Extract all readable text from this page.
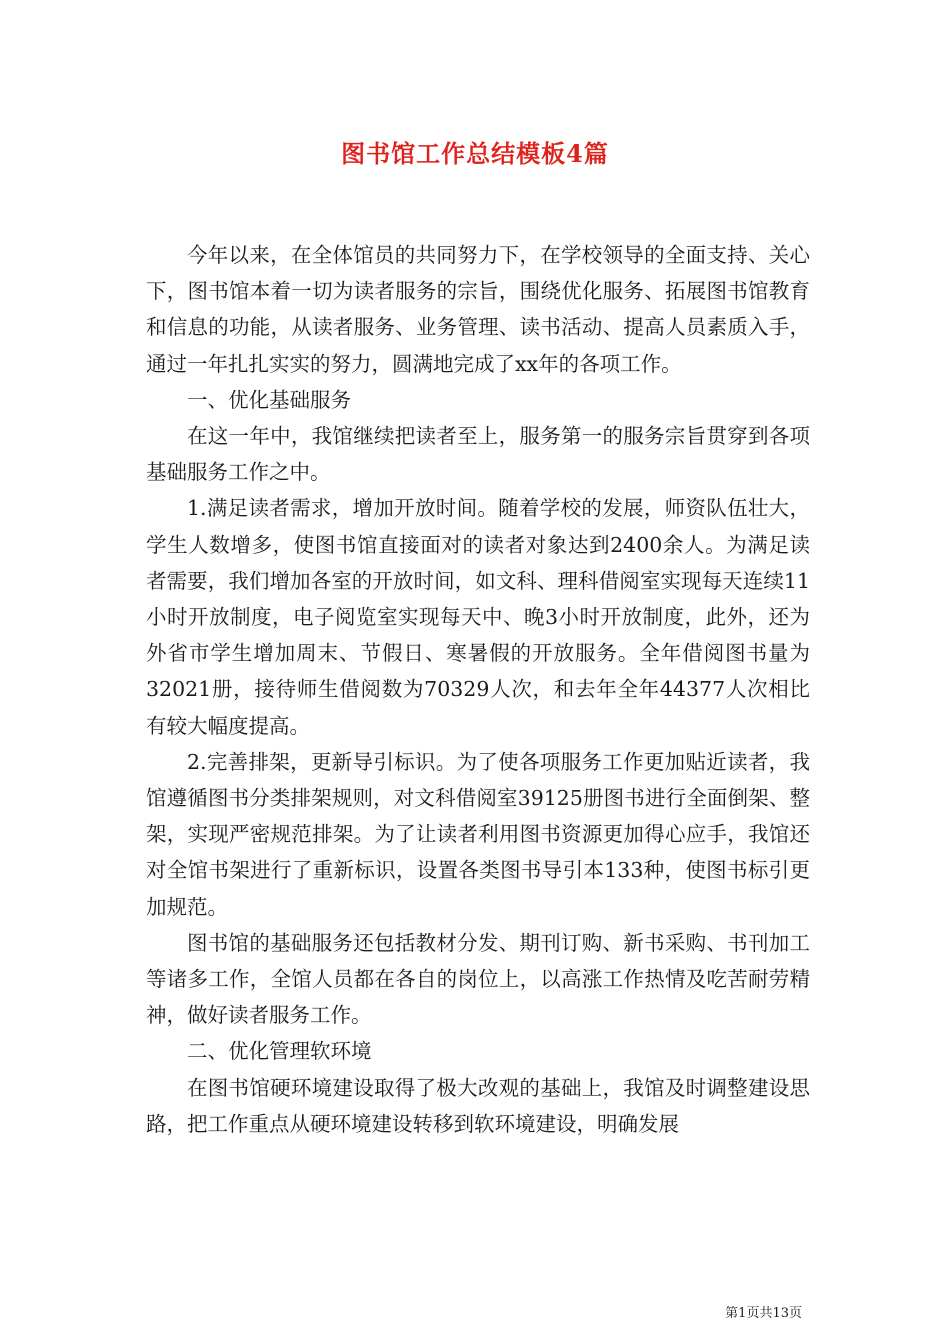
图书馆工作总结模板4篇

今年以来，在全体馆员的共同努力下，在学校领导的全面支持、关心下，图书馆本着一切为读者服务的宗旨，围绕优化服务、拓展图书馆教育和信息的功能，从读者服务、业务管理、读书活动、提高人员素质入手，通过一年扎扎实实的努力，圆满地完成了xx年的各项工作。

一、优化基础服务

在这一年中，我馆继续把读者至上，服务第一的服务宗旨贯穿到各项基础服务工作之中。

1.满足读者需求，增加开放时间。随着学校的发展，师资队伍壮大，学生人数增多，使图书馆直接面对的读者对象达到2400余人。为满足读者需要，我们增加各室的开放时间，如文科、理科借阅室实现每天连续11小时开放制度，电子阅览室实现每天中、晚3小时开放制度，此外，还为外省市学生增加周末、节假日、寒暑假的开放服务。全年借阅图书量为32021册，接待师生借阅数为70329人次，和去年全年44377人次相比有较大幅度提高。

2.完善排架，更新导引标识。为了使各项服务工作更加贴近读者，我馆遵循图书分类排架规则，对文科借阅室39125册图书进行全面倒架、整架，实现严密规范排架。为了让读者利用图书资源更加得心应手，我馆还对全馆书架进行了重新标识，设置各类图书导引本133种，使图书标引更加规范。

图书馆的基础服务还包括教材分发、期刊订购、新书采购、书刊加工等诸多工作，全馆人员都在各自的岗位上，以高涨工作热情及吃苦耐劳精神，做好读者服务工作。

二、优化管理软环境

在图书馆硬环境建设取得了极大改观的基础上，我馆及时调整建设思路，把工作重点从硬环境建设转移到软环境建设，明确发展

第1页共13页
